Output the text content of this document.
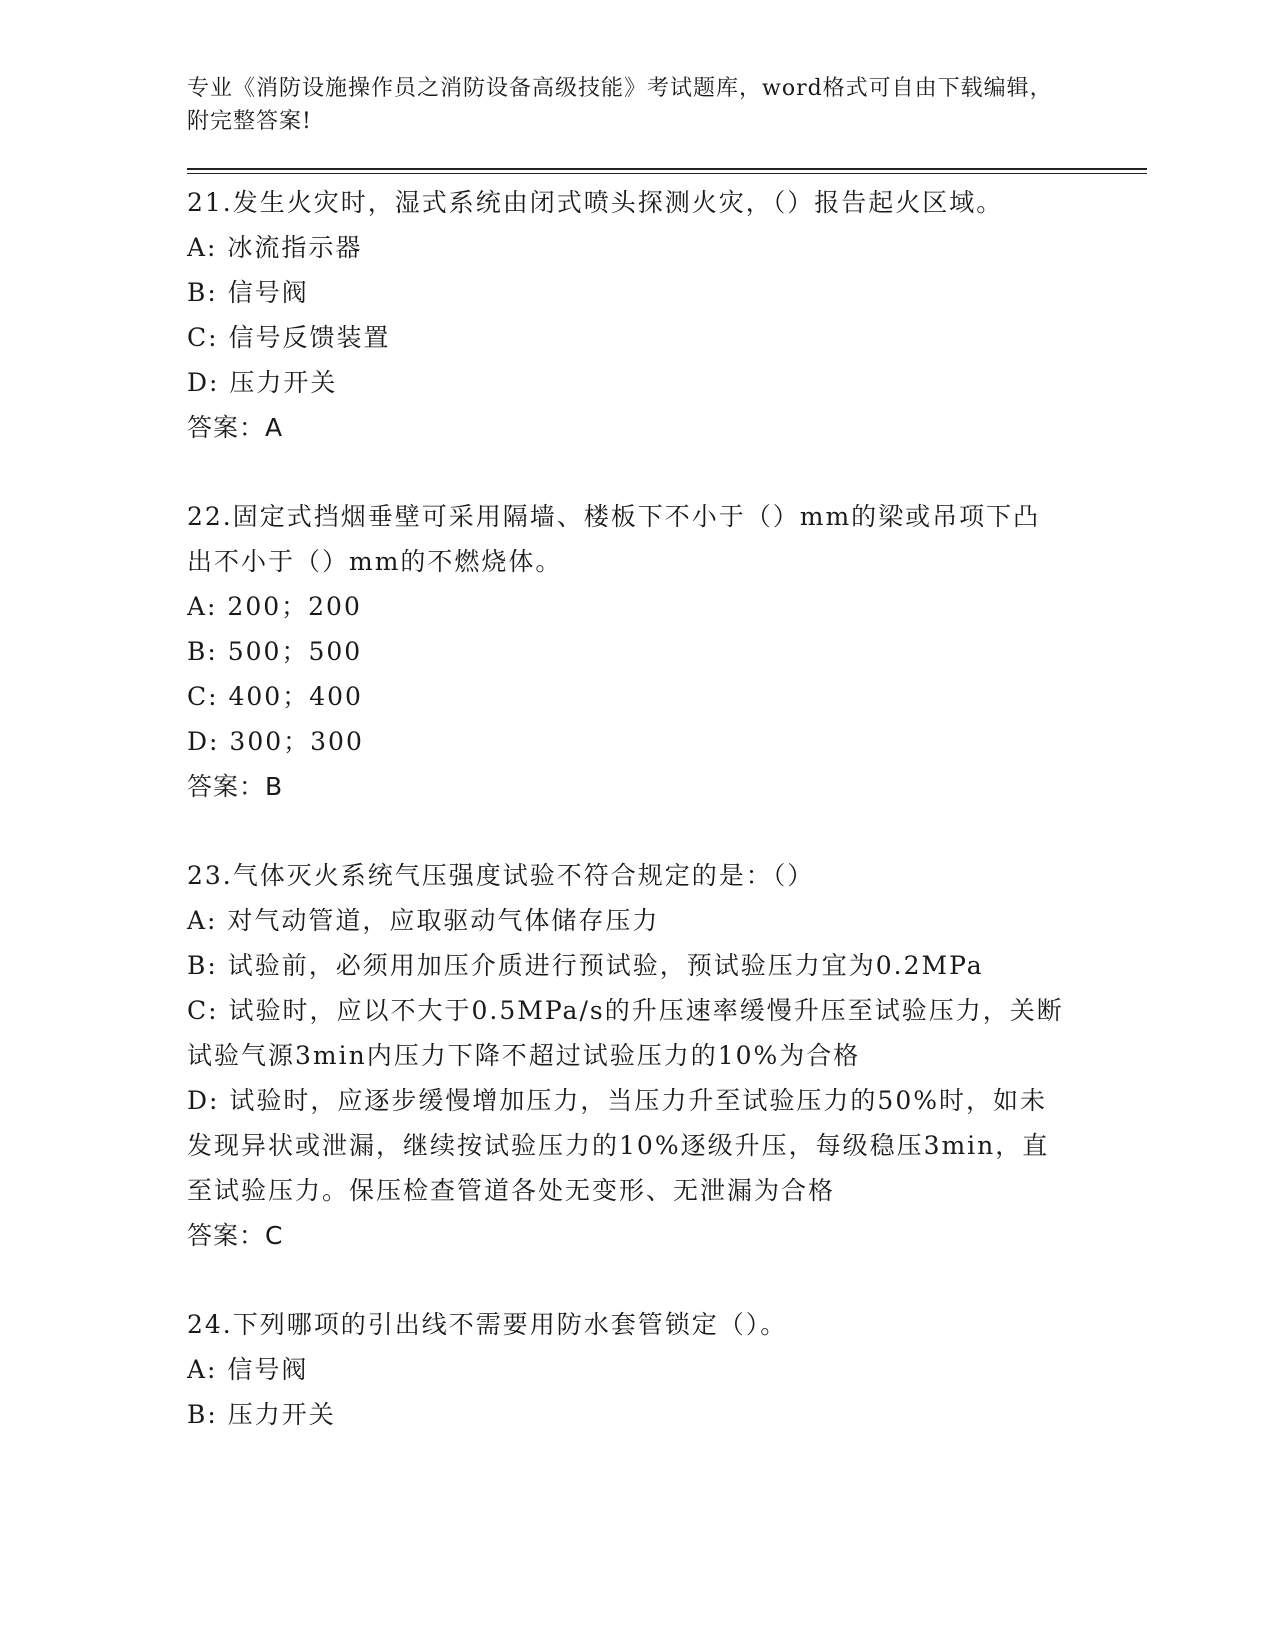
专业《消防设施操作员之消防设备高级技能》考试题库，word格式可自由下载编辑，附完整答案!

21.发生火灾时，湿式系统由闭式喷头探测火灾，（）报告起火区域。

A: 冰流指示器

B: 信号阀

C: 信号反馈装置

D: 压力开关

答案：A

22.固定式挡烟垂壁可采用隔墙、楼板下不小于（）mm的梁或吊项下凸出不小于（）mm的不燃烧体。

A: 200；200

B: 500；500

C: 400；400

D: 300；300

答案：B

23.气体灭火系统气压强度试验不符合规定的是：（）

A: 对气动管道，应取驱动气体储存压力

B: 试验前，必须用加压介质进行预试验，预试验压力宜为0.2MPa

C: 试验时，应以不大于0.5MPa/s的升压速率缓慢升压至试验压力，关断试验气源3min内压力下降不超过试验压力的10%为合格

D: 试验时，应逐步缓慢增加压力，当压力升至试验压力的50%时，如未发现异状或泄漏，继续按试验压力的10%逐级升压，每级稳压3min，直至试验压力。保压检查管道各处无变形、无泄漏为合格

答案：C

24.下列哪项的引出线不需要用防水套管锁定（）。

A: 信号阀

B: 压力开关
